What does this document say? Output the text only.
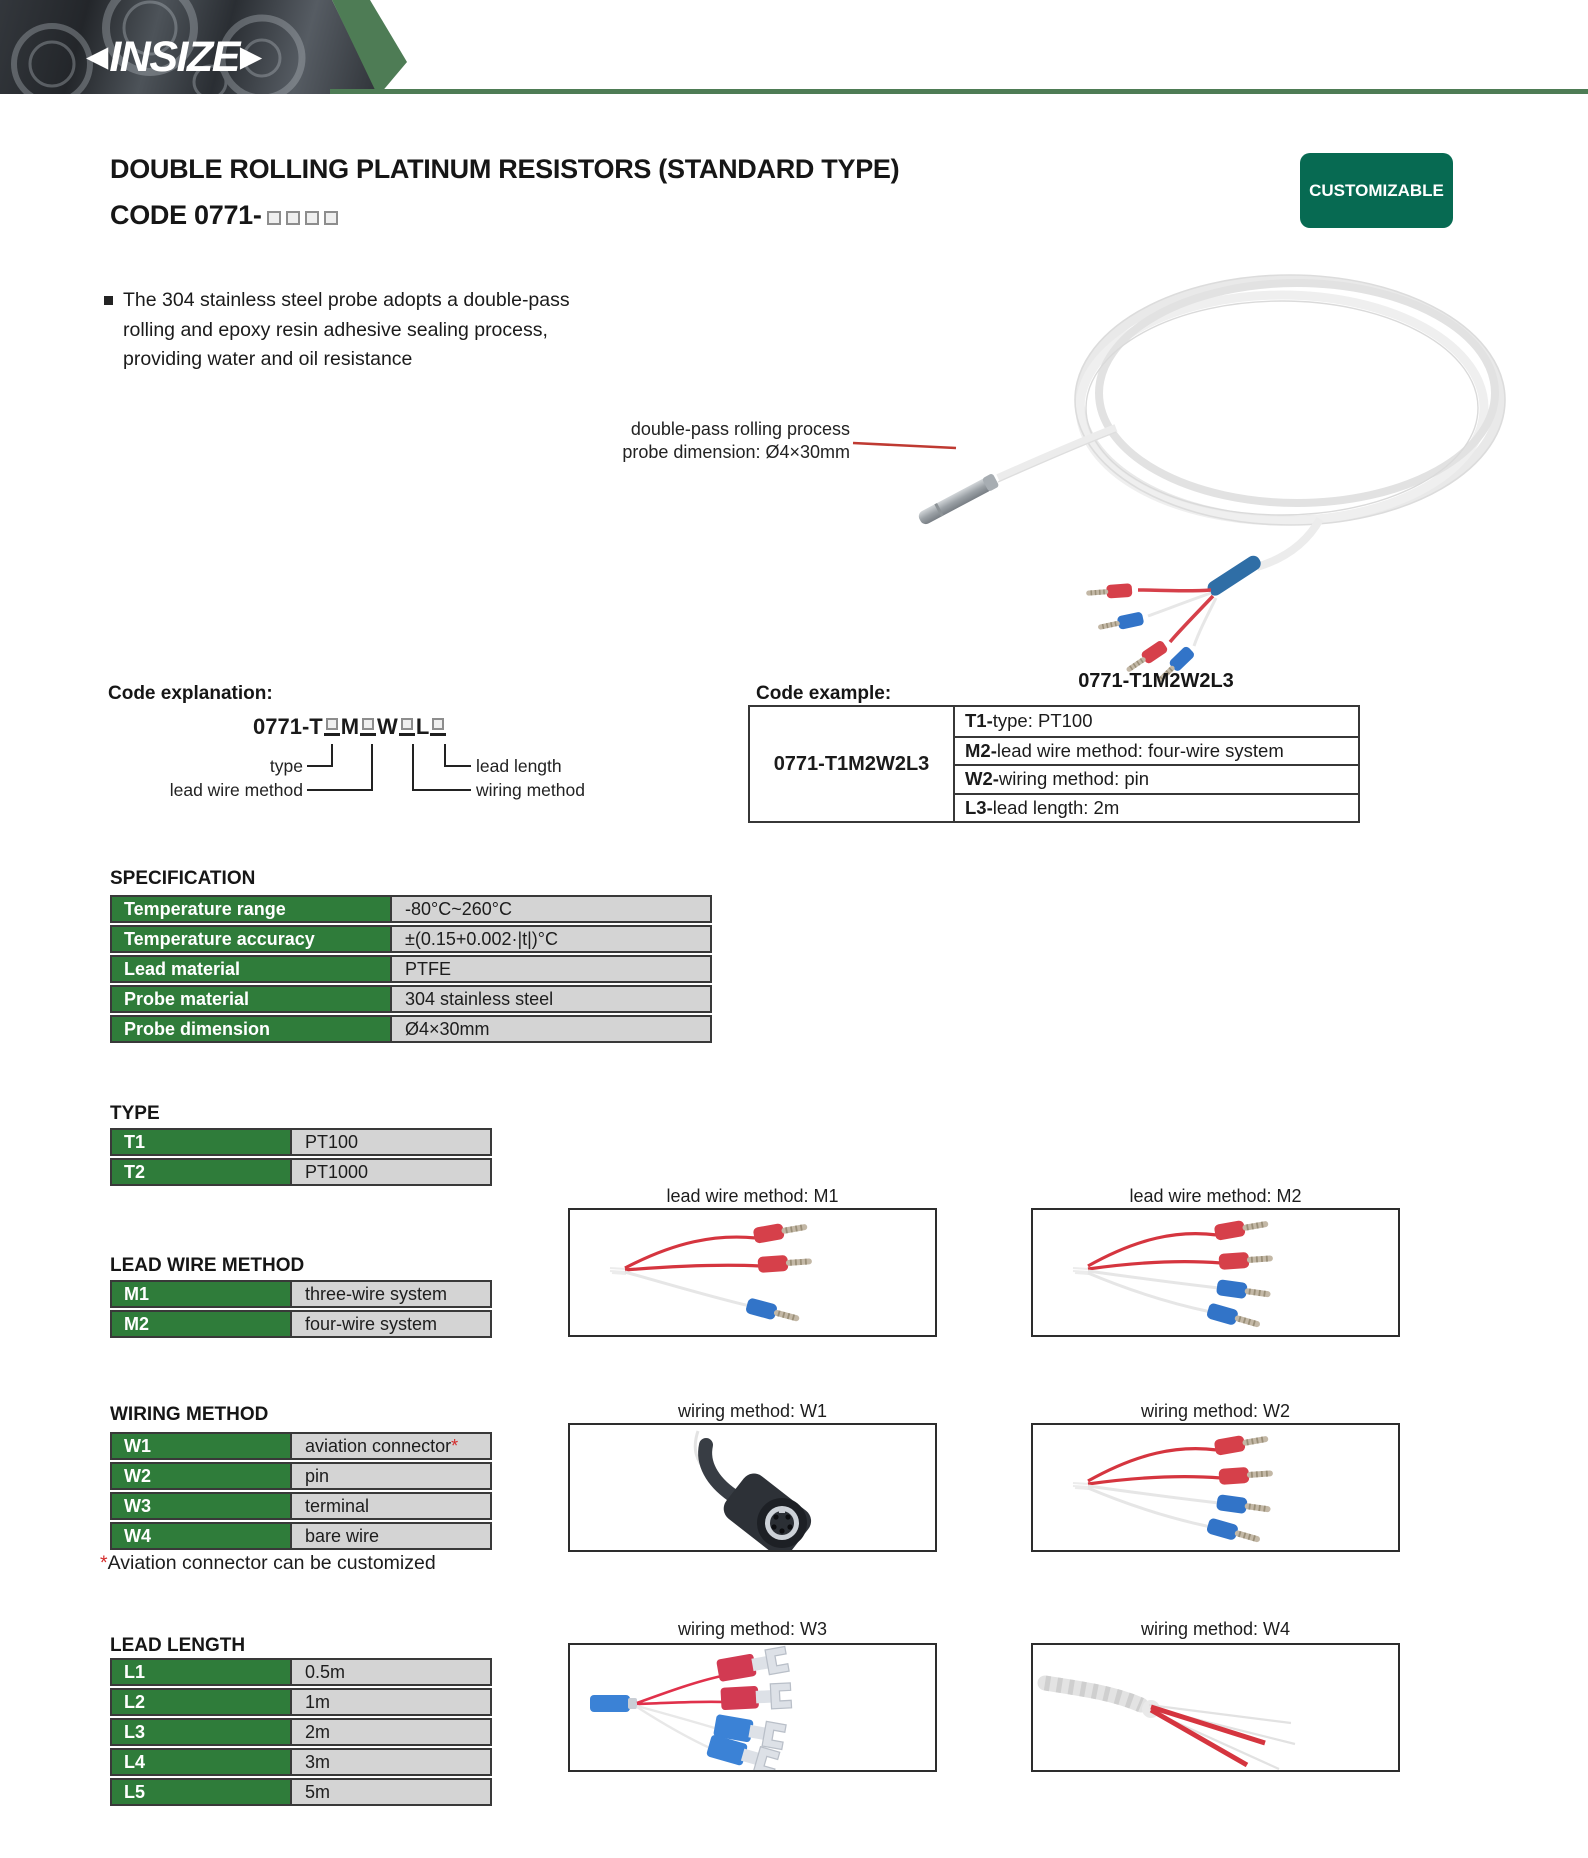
◀ INSIZE ▶
DOUBLE ROLLING PLATINUM RESISTORS (STANDARD TYPE)
CODE 0771-
CUSTOMIZABLE
The 304 stainless steel probe adopts a double-pass rolling and epoxy resin adhesive sealing process, providing water and oil resistance
double-pass rolling process
probe dimension: Ø4×30mm
0771-T1M2W2L3
Code explanation:
0771-T M W L
type
lead wire method
lead length
wiring method
Code example:
0771-T1M2W2L3
T1- type: PT100
M2- lead wire method: four-wire system
W2- wiring method: pin
L3- lead length: 2m
SPECIFICATION
Temperature range	-80°C~260°C
Temperature accuracy	±(0.15+0.002·|t|)°C
Lead material	PTFE
Probe material	304 stainless steel
Probe dimension	Ø4×30mm
TYPE
T1	PT100
T2	PT1000
LEAD WIRE METHOD
M1	three-wire system
M2	four-wire system
WIRING METHOD
W1	aviation connector *
W2	pin
W3	terminal
W4	bare wire
*Aviation connector can be customized
LEAD LENGTH
L1	0.5m
L2	1m
L3	2m
L4	3m
L5	5m
lead wire method: M1	lead wire method: M2
wiring method: W1	wiring method: W2
wiring method: W3	wiring method: W4
